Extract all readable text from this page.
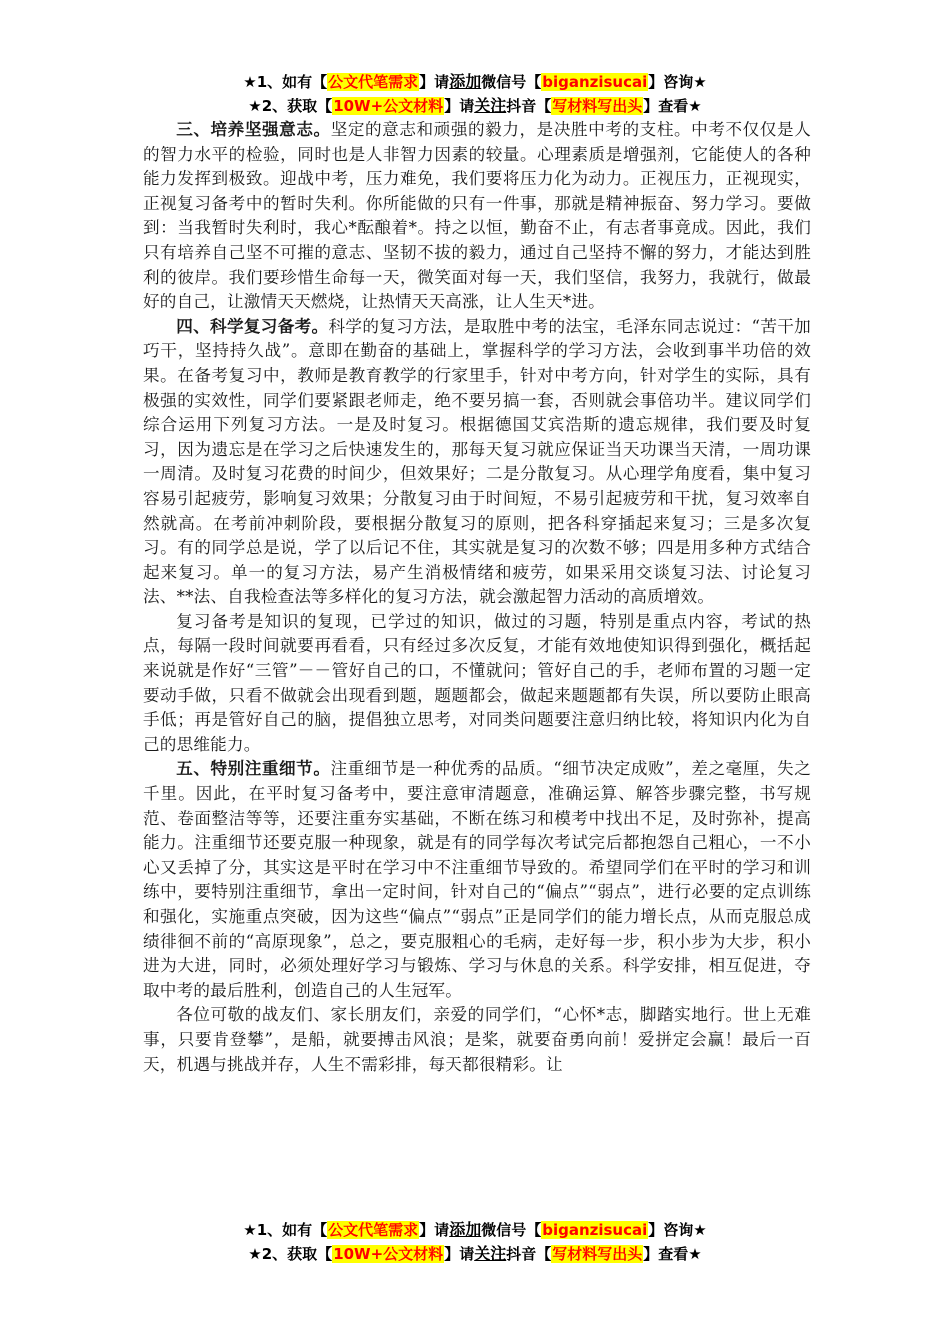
★1、如有【公文代笔需求】请添加微信号【biganzisucai】咨询★
★2、获取【10W+公文材料】请关注抖音【写材料写出头】查看★

三、培养坚强意志。坚定的意志和顽强的毅力，是决胜中考的支柱。中考不仅仅是人的智力水平的检验，同时也是人非智力因素的较量。心理素质是增强剂，它能使人的各种能力发挥到极致。迎战中考，压力难免，我们要将压力化为动力。正视压力，正视现实，正视复习备考中的暂时失利。你所能做的只有一件事，那就是精神振奋、努力学习。要做到：当我暂时失利时，我心*酝酿着*。持之以恒，勤奋不止，有志者事竟成。因此，我们只有培养自己坚不可摧的意志、坚韧不拔的毅力，通过自己坚持不懈的努力，才能达到胜利的彼岸。我们要珍惜生命每一天，微笑面对每一天，我们坚信，我努力，我就行，做最好的自己，让激情天天燃烧，让热情天天高涨，让人生天*进。

四、科学复习备考。科学的复习方法，是取胜中考的法宝，毛泽东同志说过：“苦干加巧干，坚持持久战”。意即在勤奋的基础上，掌握科学的学习方法，会收到事半功倍的效果。在备考复习中，教师是教育教学的行家里手，针对中考方向，针对学生的实际，具有极强的实效性，同学们要紧跟老师走，绝不要另搞一套，否则就会事倍功半。建议同学们综合运用下列复习方法。一是及时复习。根据德国艾宾浩斯的遗忘规律，我们要及时复习，因为遗忘是在学习之后快速发生的，那每天复习就应保证当天功课当天清，一周功课一周清。及时复习花费的时间少，但效果好；二是分散复习。从心理学角度看，集中复习容易引起疲劳，影响复习效果；分散复习由于时间短，不易引起疲劳和干扰，复习效率自然就高。在考前冲刺阶段，要根据分散复习的原则，把各科穿插起来复习；三是多次复习。有的同学总是说，学了以后记不住，其实就是复习的次数不够；四是用多种方式结合起来复习。单一的复习方法，易产生消极情绪和疲劳，如果采用交谈复习法、讨论复习法、**法、自我检查法等多样化的复习方法，就会激起智力活动的高质增效。

复习备考是知识的复现，已学过的知识，做过的习题，特别是重点内容，考试的热点，每隔一段时间就要再看看，只有经过多次反复，才能有效地使知识得到强化，概括起来说就是作好“三管”－－管好自己的口，不懂就问；管好自己的手，老师布置的习题一定要动手做，只看不做就会出现看到题，题题都会，做起来题题都有失误，所以要防止眼高手低；再是管好自己的脑，提倡独立思考，对同类问题要注意归纳比较，将知识内化为自己的思维能力。

五、特别注重细节。注重细节是一种优秀的品质。“细节决定成败”，差之毫厘，失之千里。因此，在平时复习备考中，要注意审清题意，准确运算、解答步骤完整，书写规范、卷面整洁等等，还要注重夯实基础，不断在练习和模考中找出不足，及时弥补，提高能力。注重细节还要克服一种现象，就是有的同学每次考试完后都抱怨自己粗心，一不小心又丢掉了分，其实这是平时在学习中不注重细节导致的。希望同学们在平时的学习和训练中，要特别注重细节，拿出一定时间，针对自己的“偏点”“弱点”，进行必要的定点训练和强化，实施重点突破，因为这些“偏点”“弱点”正是同学们的能力增长点，从而克服总成绩徘徊不前的“高原现象”，总之，要克服粗心的毛病，走好每一步，积小步为大步，积小进为大进，同时，必须处理好学习与锻炼、学习与休息的关系。科学安排，相互促进，夺取中考的最后胜利，创造自己的人生冠军。

各位可敬的战友们、家长朋友们，亲爱的同学们，“心怀*志，脚踏实地行。世上无难事，只要肯登攀”，是船，就要搏击风浪；是桨，就要奋勇向前！爱拼定会赢！最后一百天，机遇与挑战并存，人生不需彩排，每天都很精彩。让

★1、如有【公文代笔需求】请添加微信号【biganzisucai】咨询★
★2、获取【10W+公文材料】请关注抖音【写材料写出头】查看★
